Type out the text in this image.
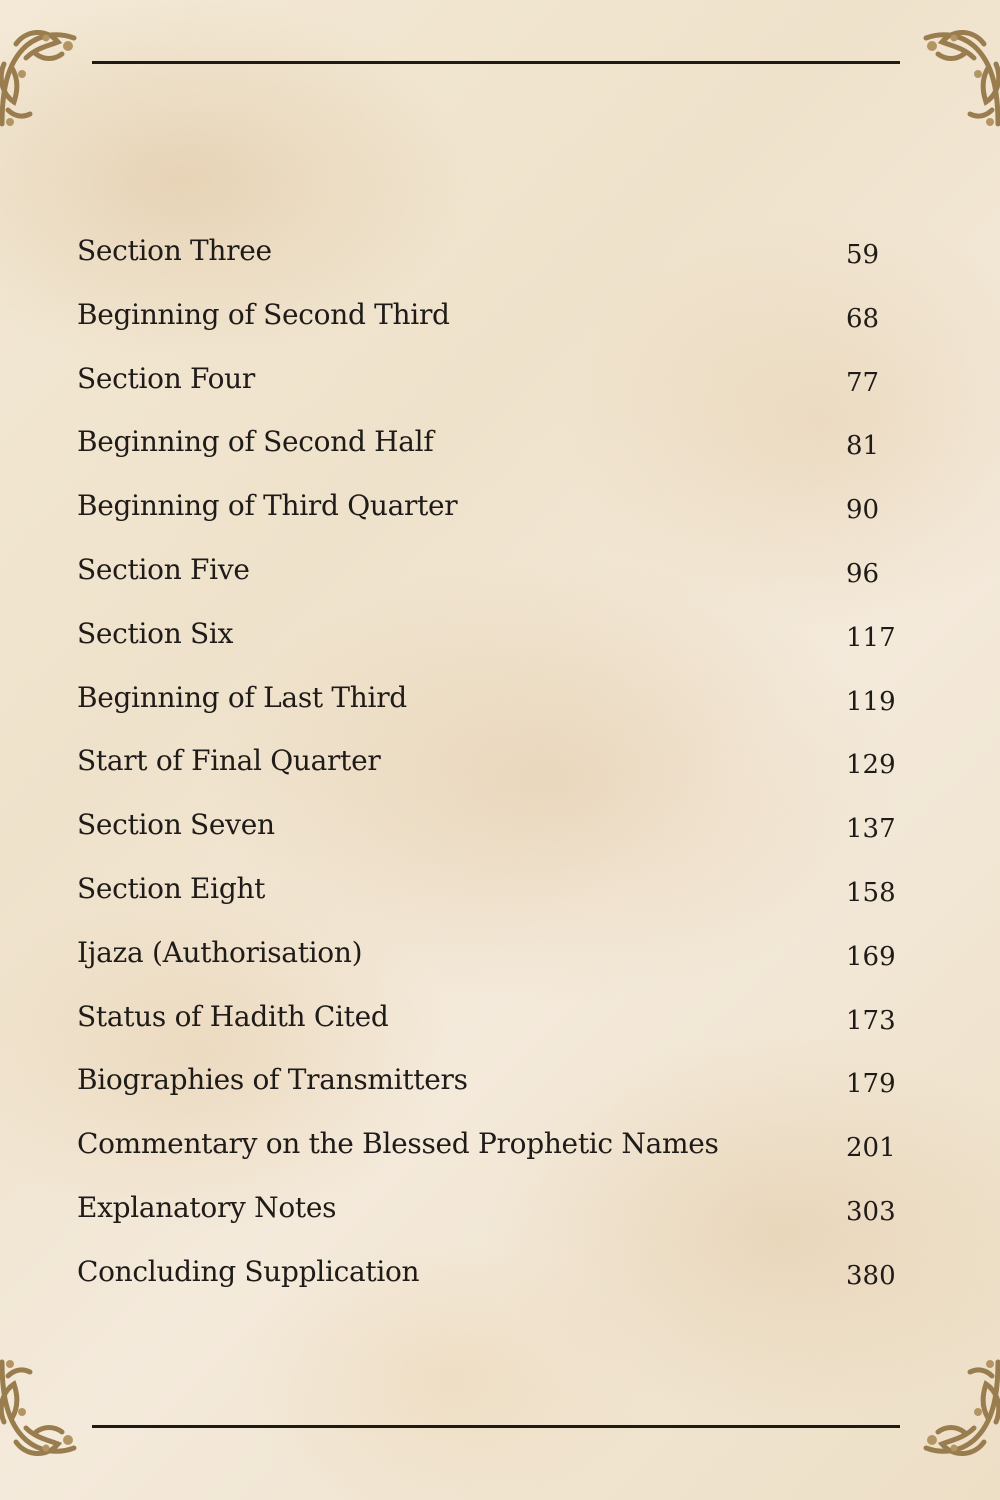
Section Three	59
Beginning of Second Third	68
Section Four	77
Beginning of Second Half	81
Beginning of Third Quarter	90
Section Five	96
Section Six	117
Beginning of Last Third	119
Start of Final Quarter	129
Section Seven	137
Section Eight	158
Ijaza (Authorisation)	169
Status of Hadith Cited	173
Biographies of Transmitters	179
Commentary on the Blessed Prophetic Names	201
Explanatory Notes	303
Concluding Supplication	380
